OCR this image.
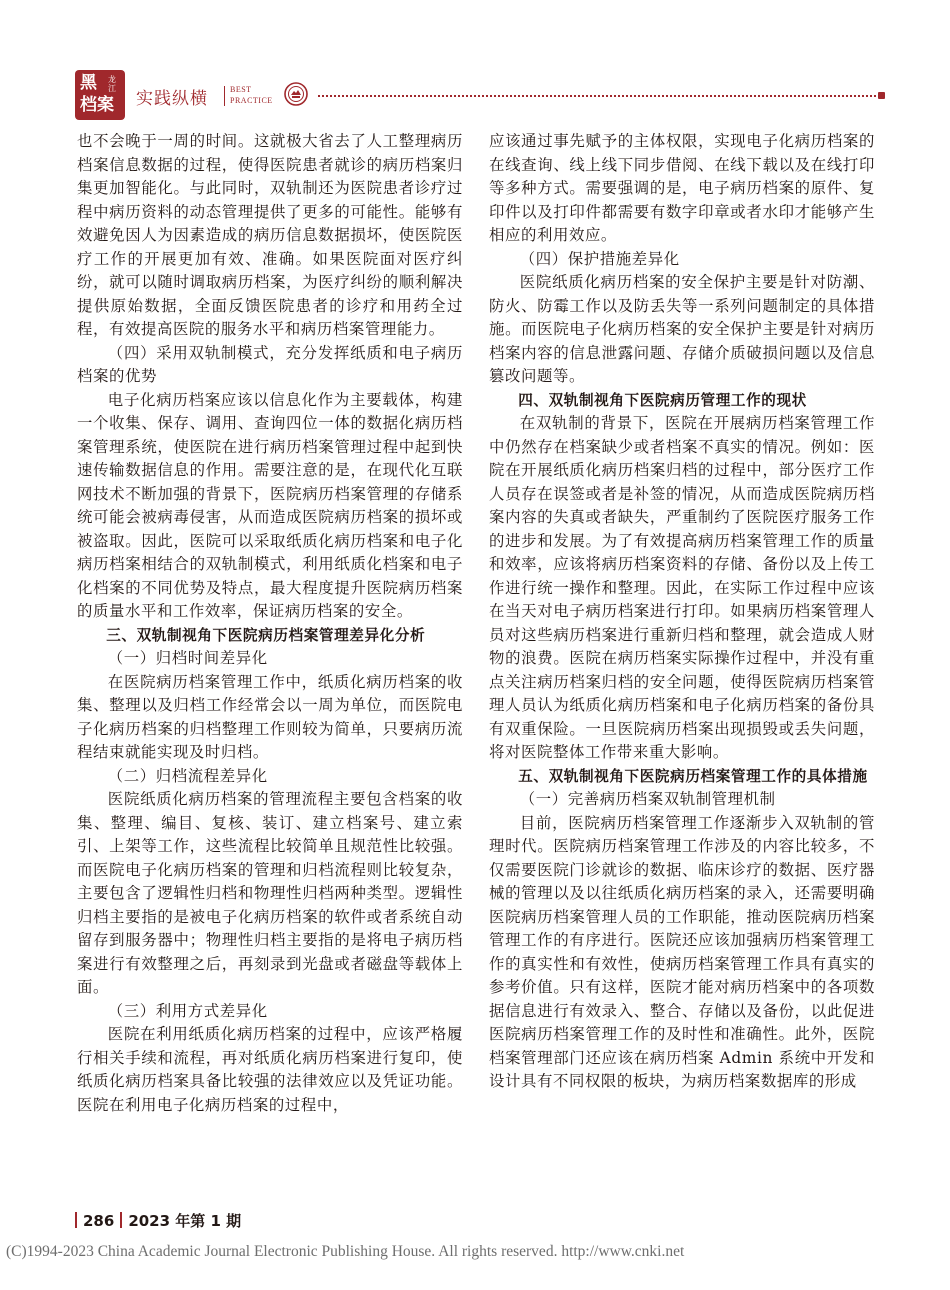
黑 龙江
档案 实践纵横	BEST
PRACTICE

也不会晚于一周的时间。这就极大省去了人工整理病历档案信息数据的过程，使得医院患者就诊的病历档案归集更加智能化。与此同时，双轨制还为医院患者诊疗过程中病历资料的动态管理提供了更多的可能性。能够有效避免因人为因素造成的病历信息数据损坏，使医院医疗工作的开展更加有效、准确。如果医院面对医疗纠纷，就可以随时调取病历档案，为医疗纠纷的顺利解决提供原始数据，全面反馈医院患者的诊疗和用药全过程，有效提高医院的服务水平和病历档案管理能力。

（四）采用双轨制模式，充分发挥纸质和电子病历档案的优势

电子化病历档案应该以信息化作为主要载体，构建一个收集、保存、调用、查询四位一体的数据化病历档案管理系统，使医院在进行病历档案管理过程中起到快速传输数据信息的作用。需要注意的是，在现代化互联网技术不断加强的背景下，医院病历档案管理的存储系统可能会被病毒侵害，从而造成医院病历档案的损坏或被盗取。因此，医院可以采取纸质化病历档案和电子化病历档案相结合的双轨制模式，利用纸质化档案和电子化档案的不同优势及特点，最大程度提升医院病历档案的质量水平和工作效率，保证病历档案的安全。

三、双轨制视角下医院病历档案管理差异化分析

（一）归档时间差异化

在医院病历档案管理工作中，纸质化病历档案的收集、整理以及归档工作经常会以一周为单位，而医院电子化病历档案的归档整理工作则较为简单，只要病历流程结束就能实现及时归档。

（二）归档流程差异化

医院纸质化病历档案的管理流程主要包含档案的收集、整理、编目、复核、装订、建立档案号、建立索引、上架等工作，这些流程比较简单且规范性比较强。而医院电子化病历档案的管理和归档流程则比较复杂，主要包含了逻辑性归档和物理性归档两种类型。逻辑性归档主要指的是被电子化病历档案的软件或者系统自动留存到服务器中；物理性归档主要指的是将电子病历档案进行有效整理之后，再刻录到光盘或者磁盘等载体上面。

（三）利用方式差异化

医院在利用纸质化病历档案的过程中，应该严格履行相关手续和流程，再对纸质化病历档案进行复印，使纸质化病历档案具备比较强的法律效应以及凭证功能。医院在利用电子化病历档案的过程中，

应该通过事先赋予的主体权限，实现电子化病历档案的在线查询、线上线下同步借阅、在线下载以及在线打印等多种方式。需要强调的是，电子病历档案的原件、复印件以及打印件都需要有数字印章或者水印才能够产生相应的利用效应。

（四）保护措施差异化

医院纸质化病历档案的安全保护主要是针对防潮、防火、防霉工作以及防丢失等一系列问题制定的具体措施。而医院电子化病历档案的安全保护主要是针对病历档案内容的信息泄露问题、存储介质破损问题以及信息篡改问题等。

四、双轨制视角下医院病历管理工作的现状

在双轨制的背景下，医院在开展病历档案管理工作中仍然存在档案缺少或者档案不真实的情况。例如：医院在开展纸质化病历档案归档的过程中，部分医疗工作人员存在误签或者是补签的情况，从而造成医院病历档案内容的失真或者缺失，严重制约了医院医疗服务工作的进步和发展。为了有效提高病历档案管理工作的质量和效率，应该将病历档案资料的存储、备份以及上传工作进行统一操作和整理。因此，在实际工作过程中应该在当天对电子病历档案进行打印。如果病历档案管理人员对这些病历档案进行重新归档和整理，就会造成人财物的浪费。医院在病历档案实际操作过程中，并没有重点关注病历档案归档的安全问题，使得医院病历档案管理人员认为纸质化病历档案和电子化病历档案的备份具有双重保险。一旦医院病历档案出现损毁或丢失问题，将对医院整体工作带来重大影响。

五、双轨制视角下医院病历档案管理工作的具体措施

（一）完善病历档案双轨制管理机制

目前，医院病历档案管理工作逐渐步入双轨制的管理时代。医院病历档案管理工作涉及的内容比较多，不仅需要医院门诊就诊的数据、临床诊疗的数据、医疗器械的管理以及以往纸质化病历档案的录入，还需要明确医院病历档案管理人员的工作职能，推动医院病历档案管理工作的有序进行。医院还应该加强病历档案管理工作的真实性和有效性，使病历档案管理工作具有真实的参考价值。只有这样，医院才能对病历档案中的各项数据信息进行有效录入、整合、存储以及备份，以此促进医院病历档案管理工作的及时性和准确性。此外，医院档案管理部门还应该在病历档案 Admin 系统中开发和设计具有不同权限的板块，为病历档案数据库的形成

286 2023 年第 1 期
(C)1994-2023 China Academic Journal Electronic Publishing House. All rights reserved. http://www.cnki.net
